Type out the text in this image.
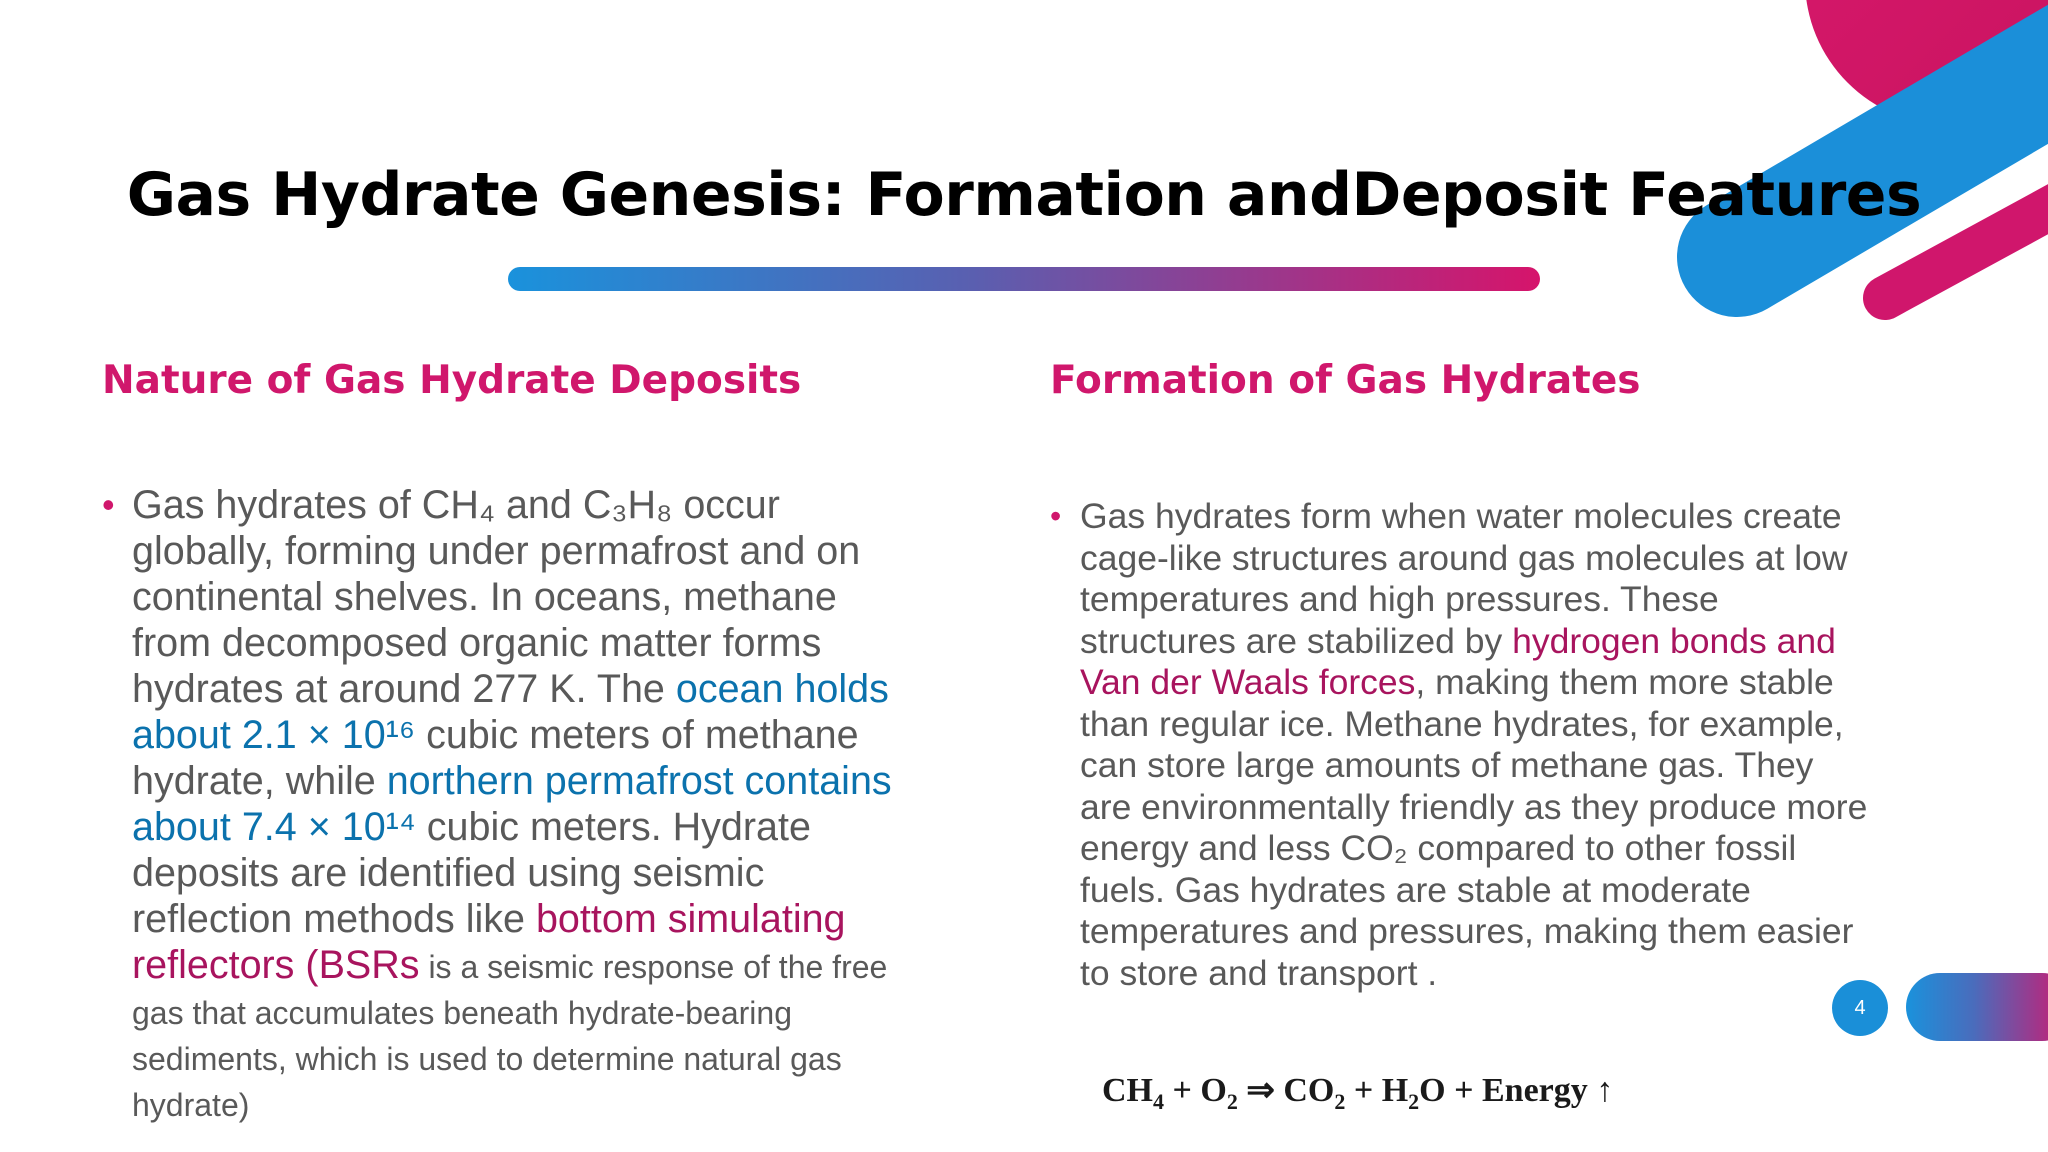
Gas Hydrate Genesis: Formation andDeposit Features
Nature of Gas Hydrate Deposits	Formation of Gas Hydrates
• Gas hydrates of CH₄ and C₃H₈ occur globally, forming under permafrost and on continental shelves. In oceans, methane from decomposed organic matter forms hydrates at around 277 K. The ocean holds about 2.1 × 10¹⁶ cubic meters of methane hydrate, while northern permafrost contains about 7.4 × 10¹⁴ cubic meters. Hydrate deposits are identified using seismic reflection methods like bottom simulating reflectors (BSRs is a seismic response of the free gas that accumulates beneath hydrate-bearing sediments, which is used to determine natural gas hydrate)
• Gas hydrates form when water molecules create cage-like structures around gas molecules at low temperatures and high pressures. These structures are stabilized by hydrogen bonds and Van der Waals forces, making them more stable than regular ice. Methane hydrates, for example, can store large amounts of methane gas. They are environmentally friendly as they produce more energy and less CO₂ compared to other fossil fuels. Gas hydrates are stable at moderate temperatures and pressures, making them easier to store and transport .
$CH_4 + O_2$ ⇒ $CO_2 + H_2O$ + Energy ↑
4
